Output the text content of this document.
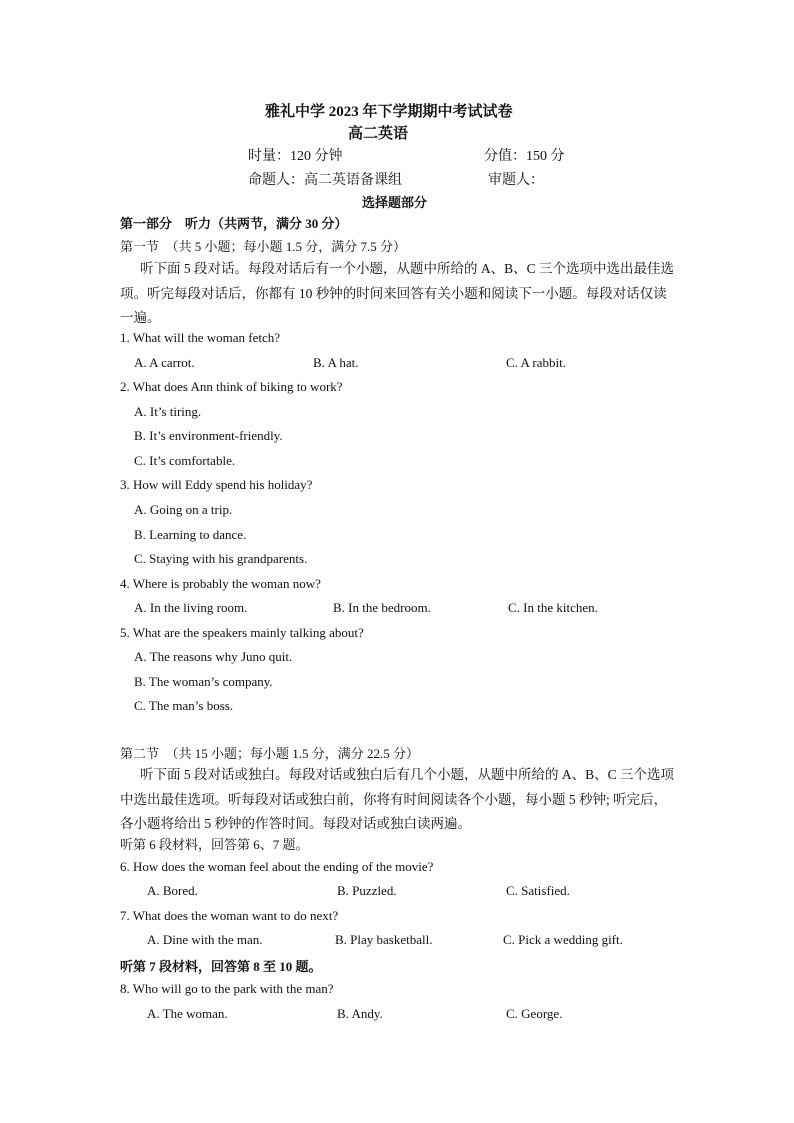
雅礼中学 2023 年下学期期中考试试卷
高二英语
时量：120 分钟	分值：150 分
命题人：高二英语备课组	审题人：
选择题部分
第一部分　听力（共两节，满分 30 分）
第一节　（共 5 小题；每小题 1.5 分，满分 7.5 分）
听下面 5 段对话。每段对话后有一个小题，从题中所给的 A、B、C 三个选项中选出最佳选项。听完每段对话后，你都有 10 秒钟的时间来回答有关小题和阅读下一小题。每段对话仅读一遍。
1. What will the woman fetch?
A. A carrot.	B. A hat.	C. A rabbit.
2. What does Ann think of biking to work?
A. It’s tiring.
B. It’s environment-friendly.
C. It’s comfortable.
3. How will Eddy spend his holiday?
A. Going on a trip.
B. Learning to dance.
C. Staying with his grandparents.
4. Where is probably the woman now?
A. In the living room.	B. In the bedroom.	C. In the kitchen.
5. What are the speakers mainly talking about?
A. The reasons why Juno quit.
B. The woman’s company.
C. The man’s boss.
第二节　（共 15 小题；每小题 1.5 分，满分 22.5 分）
听下面 5 段对话或独白。每段对话或独白后有几个小题，从题中所给的 A、B、C 三个选项中选出最佳选项。听每段对话或独白前，你将有时间阅读各个小题，每小题 5 秒钟; 听完后，各小题将给出 5 秒钟的作答时间。每段对话或独白读两遍。
听第 6 段材料，回答第 6、7 题。
6. How does the woman feel about the ending of the movie?
A. Bored.	B. Puzzled.	C. Satisfied.
7. What does the woman want to do next?
A. Dine with the man.	B. Play basketball.	C. Pick a wedding gift.
听第 7 段材料，回答第 8 至 10 题。
8. Who will go to the park with the man?
A. The woman.	B. Andy.	C. George.
